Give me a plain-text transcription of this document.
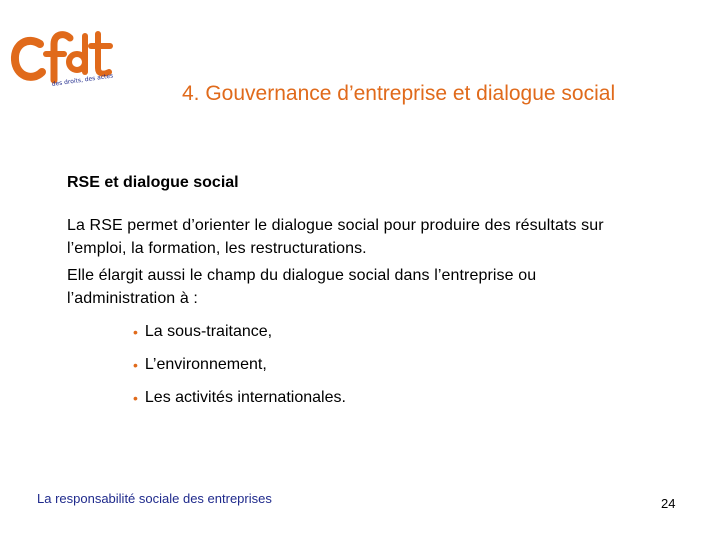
des droits, des actes
4. Gouvernance d’entreprise et dialogue social

RSE et dialogue social

La RSE permet d’orienter le dialogue social pour produire des résultats sur l’emploi, la formation, les restructurations.

Elle élargit aussi le champ du dialogue social dans l’entreprise ou l’administration à :

• La sous-traitance,
• L’environnement,
• Les activités internationales.
La responsabilité sociale des entreprises	24
